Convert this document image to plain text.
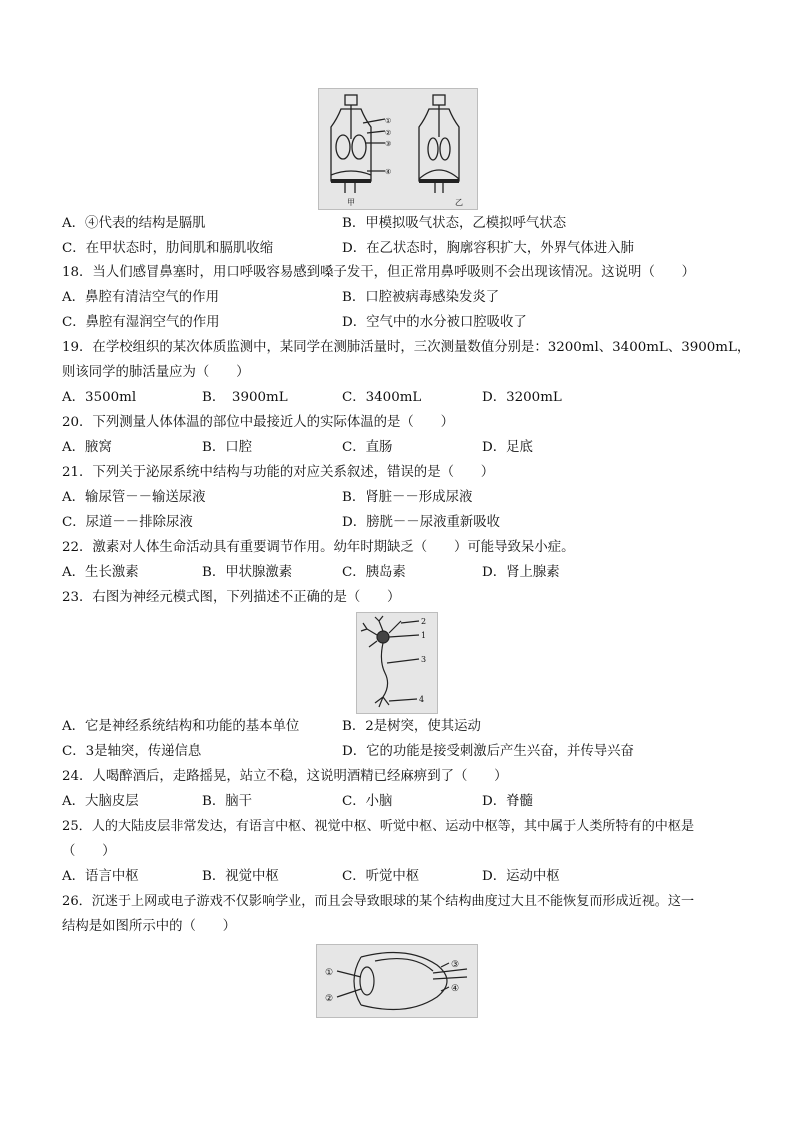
①
②
③
④
甲	乙
A．④代表的结构是膈肌	B．甲模拟吸气状态，乙模拟呼气状态
C．在甲状态时，肋间肌和膈肌收缩	D．在乙状态时，胸廓容积扩大，外界气体进入肺
18．当人们感冒鼻塞时，用口呼吸容易感到嗓子发干，但正常用鼻呼吸则不会出现该情况。这说明（　　）
A．鼻腔有清洁空气的作用	B．口腔被病毒感染发炎了
C．鼻腔有湿润空气的作用	D．空气中的水分被口腔吸收了
19．在学校组织的某次体质监测中，某同学在测肺活量时，三次测量数值分别是：3200ml、3400mL、3900mL，
则该同学的肺活量应为（　　）
A．3500ml	B．　3900mL	C．3400mL	D．3200mL
20．下列测量人体体温的部位中最接近人的实际体温的是（　　）
A．腋窝	B．口腔	C．直肠	D．足底
21．下列关于泌尿系统中结构与功能的对应关系叙述，错误的是（　　）
A．输尿管－－输送尿液	B．肾脏－－形成尿液
C．尿道－－排除尿液	D．膀胱－－尿液重新吸收
22．激素对人体生命活动具有重要调节作用。幼年时期缺乏（　　）可能导致呆小症。
A．生长激素	B．甲状腺激素	C．胰岛素	D．肾上腺素
23．右图为神经元模式图，下列描述不正确的是（　　）
2
1
3
4
A．它是神经系统结构和功能的基本单位	B．2是树突，使其运动
C．3是轴突，传递信息	D．它的功能是接受刺激后产生兴奋，并传导兴奋
24．人喝醉酒后，走路摇晃，站立不稳，这说明酒精已经麻痹到了（　　）
A．大脑皮层	B．脑干	C．小脑	D．脊髓
25．人的大陆皮层非常发达，有语言中枢、视觉中枢、听觉中枢、运动中枢等，其中属于人类所特有的中枢是
（　　）
A．语言中枢	B．视觉中枢	C．听觉中枢	D．运动中枢
26．沉迷于上网或电子游戏不仅影响学业，而且会导致眼球的某个结构曲度过大且不能恢复而形成近视。这一
结构是如图所示中的（　　）
①
②
③
④
